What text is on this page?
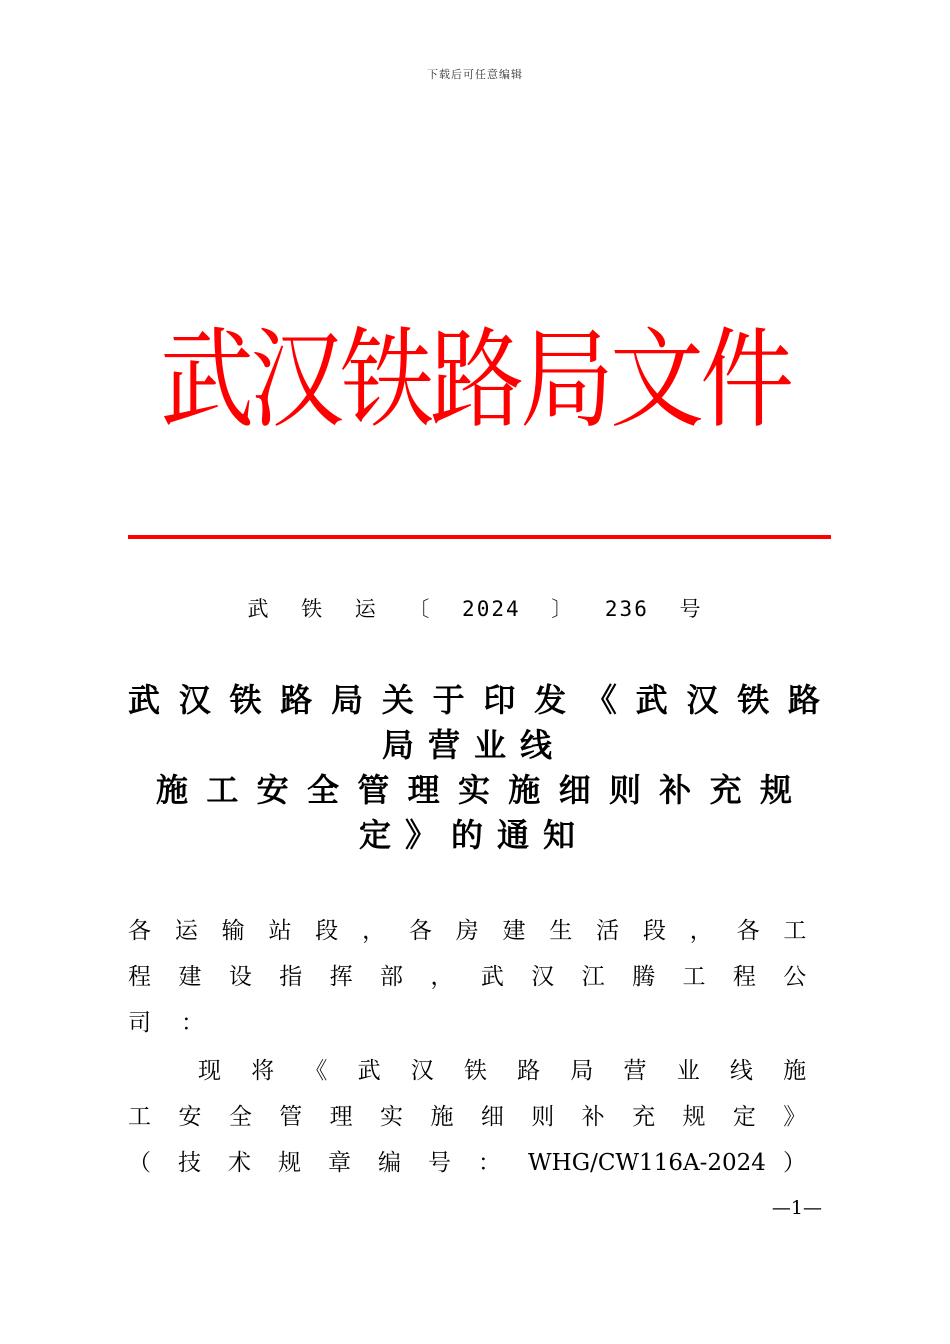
下载后可任意编辑
武汉铁路局文件
武 铁 运 〔 2024 〕 236 号
武 汉 铁 路 局 关 于 印 发 《 武 汉 铁 路
局营业线
施 工 安 全 管 理 实 施 细 则 补 充 规
定》的通知
各 运 输 站 段 ， 各 房 建 生 活 段 ， 各 工
程 建 设 指 挥 部 ， 武 汉 江 腾 工 程 公
司：
现 将 《 武 汉 铁 路 局 营 业 线 施
工 安 全 管 理 实 施 细 则 补 充 规 定 》
（ 技 术 规 章 编 号 ： WHG/CW116A-2024 ）
—1—
